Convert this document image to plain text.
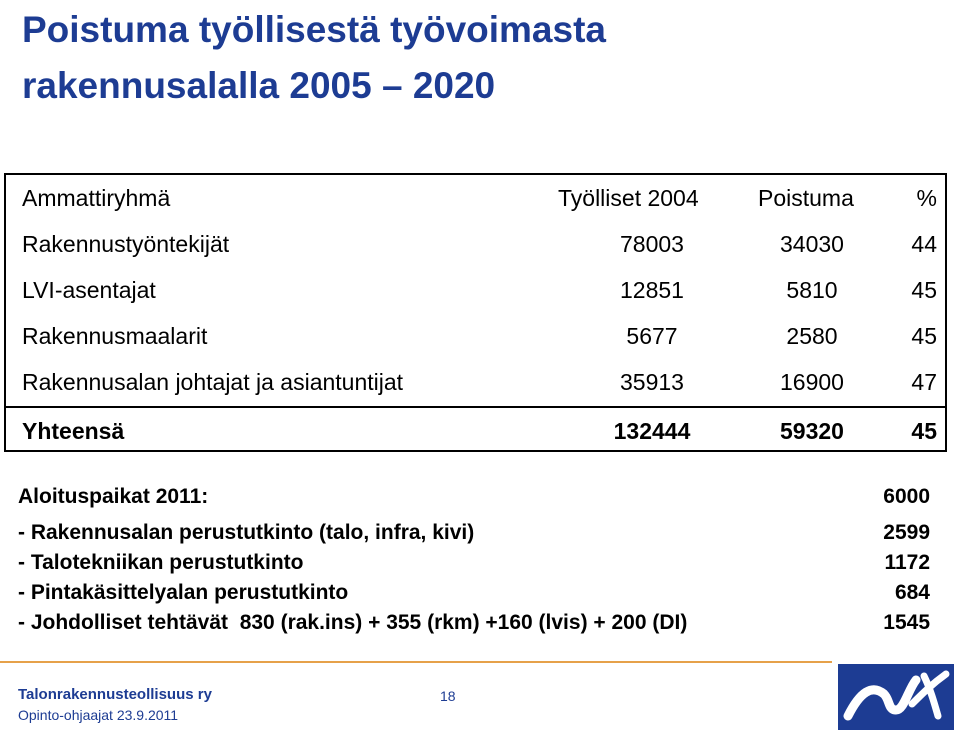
Poistuma työllisestä työvoimasta
rakennusalalla 2005 – 2020
Ammattiryhmä	Työlliset 2004	Poistuma	%
Rakennustyöntekijät	78003	34030	44
LVI-asentajat	12851	5810	45
Rakennusmaalarit	5677	2580	45
Rakennusalan johtajat ja asiantuntijat	35913	16900	47
Yhteensä	132444	59320	45
Aloituspaikat 2011:	6000
- Rakennusalan perustutkinto (talo, infra, kivi)	2599
- Talotekniikan perustutkinto	1172
- Pintakäsittelyalan perustutkinto	684
- Johdolliset tehtävät  830 (rak.ins) + 355 (rkm) +160 (lvis) + 200 (DI)	1545
Talonrakennusteollisuus ry
Opinto-ohjaajat 23.9.2011
18
